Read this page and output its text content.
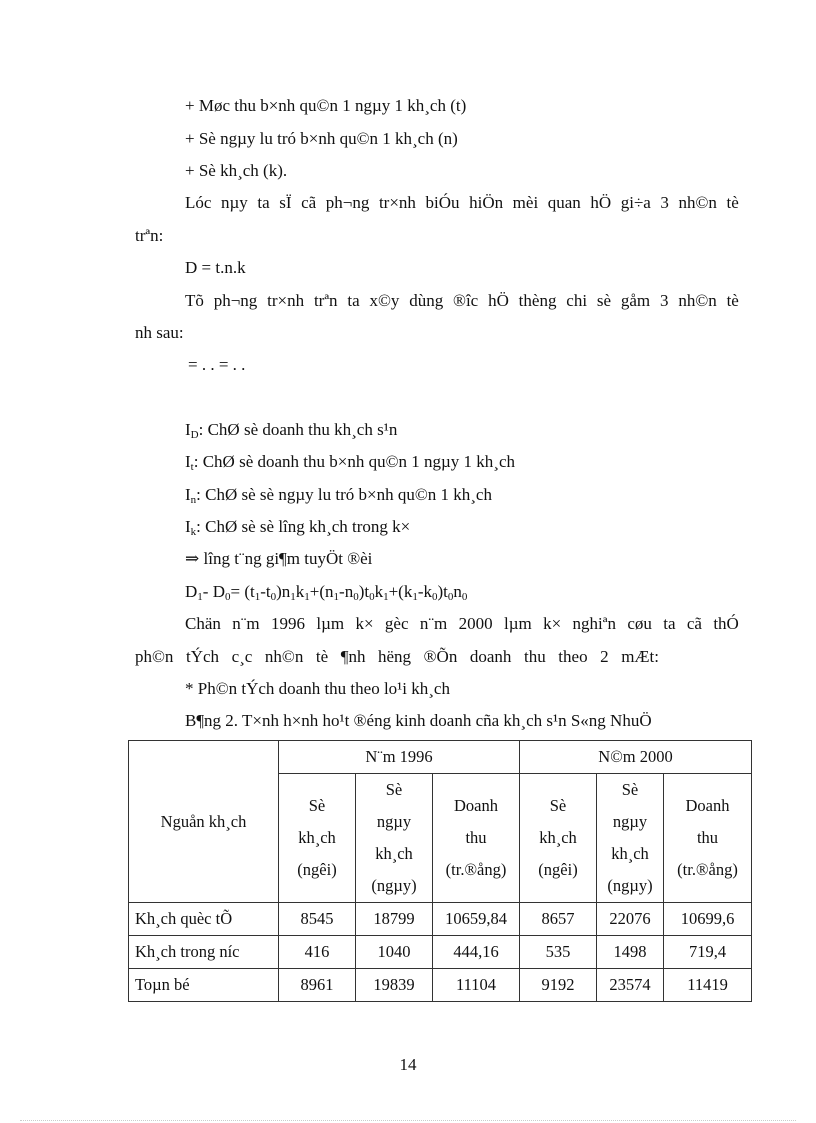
+ Møc thu b×nh qu©n 1 ngµy 1 kh¸ch (t)
+ Sè ngµy lu tró b×nh qu©n 1 kh¸ch (n)
+ Sè kh¸ch (k).
Lóc nµy ta sÏ cã ph¬ng tr×nh biÓu hiÖn mèi quan hÖ gi÷a 3 nh©n tè
trªn:
D = t.n.k
Tõ ph¬ng tr×nh trªn ta x©y dùng ®îc hÖ thèng chi sè gåm 3 nh©n tè
nh sau:
= . . = . .
$I_D$: ChØ sè doanh thu kh¸ch s¹n
$I_t$: ChØ sè doanh thu b×nh qu©n 1 ngµy 1 kh¸ch
$I_n$: ChØ sè sè ngµy lu tró b×nh qu©n 1 kh¸ch
$I_k$: ChØ sè sè lîng kh¸ch trong k×
⇒ lîng t¨ng gi¶m tuyÖt ®èi
$D_1-$ $D_0= (t_1-t_0)n_1k_1+(n_1-n_0)t_0k_1+(k_1-k_0)t_0n_0$
Chän n¨m 1996 lµm k× gèc n¨m 2000 lµm k× nghiªn cøu ta cã thÓ
ph©n tÝch c¸c nh©n tè ¶nh hëng ®Õn doanh thu theo 2 mÆt:
* Ph©n tÝch doanh thu theo lo¹i kh¸ch
B¶ng 2. T×nh h×nh ho¹t ®éng kinh doanh cña kh¸ch s¹n S«ng NhuÖ
Nguån kh¸ch	N¨m 1996			N©m 2000		

	Sè
kh¸ch
(ngêi)	Sè
ngµy
kh¸ch
(ngµy)	Doanh
thu
(tr.®ång)	Sè
kh¸ch
(ngêi)	Sè
ngµy
kh¸ch
(ngµy)	Doanh
thu
(tr.®ång)

Kh¸ch quèc tÕ	8545	18799	10659,84	8657	22076	10699,6
Kh¸ch trong níc	416	1040	444,16	535	1498	719,4
Toµn bé	8961	19839	11104	9192	23574	11419
14
